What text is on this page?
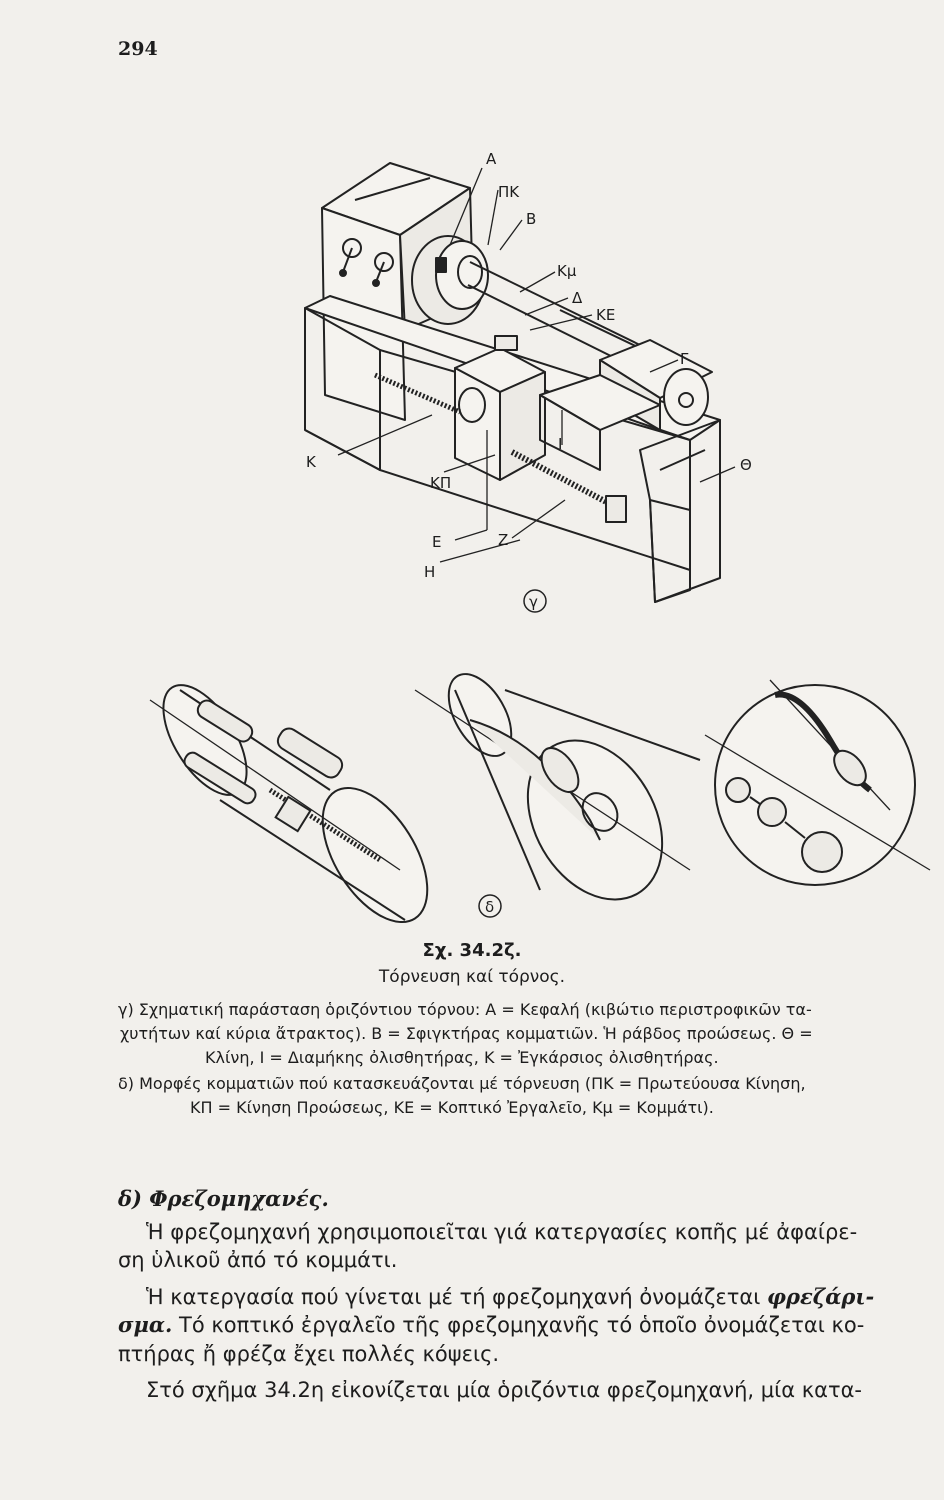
294
A
ΠΚ
B
Κμ
Δ
ΚΕ
Γ
Ι
Θ
Κ
ΚΠ
Ε	Ζ
Η
γ
δ
Σχ. 34.2ζ.
Τόρνευση καί τόρνος.
γ) Σχηματική παράσταση ὁριζόντιου τόρνου: Α = Κεφαλή (κιβώτιο περιστροφικῶν τα-
χυτήτων καί κύρια ἄτρακτος). Β = Σφιγκτήρας κομματιῶν. Ἡ ράβδος προώσεως. Θ =
Κλίνη, Ι = Διαμήκης ὀλισθητήρας, Κ = Ἐγκάρσιος ὀλισθητήρας.
δ) Μορφές κομματιῶν πού κατασκευάζονται μέ τόρνευση (ΠΚ = Πρωτεύουσα Κίνηση,
ΚΠ = Κίνηση Προώσεως, ΚΕ = Κοπτικό Ἐργαλεῖο, Κμ = Κομμάτι).
δ) Φρεζομηχανές.
Ἡ φρεζομηχανή χρησιμοποιεῖται γιά κατεργασίες κοπῆς μέ ἀφαίρε-
ση ὑλικοῦ ἀπό τό κομμάτι.
Ἡ κατεργασία πού γίνεται μέ τή φρεζομηχανή ὀνομάζεται φρεζάρι-
σμα. Τό κοπτικό ἐργαλεῖο τῆς φρεζομηχανῆς τό ὁποῖο ὀνομάζεται κο-
πτήρας ἤ φρέζα ἔχει πολλές κόψεις.
Στό σχῆμα 34.2η εἰκονίζεται μία ὁριζόντια φρεζομηχανή, μία κατα-
